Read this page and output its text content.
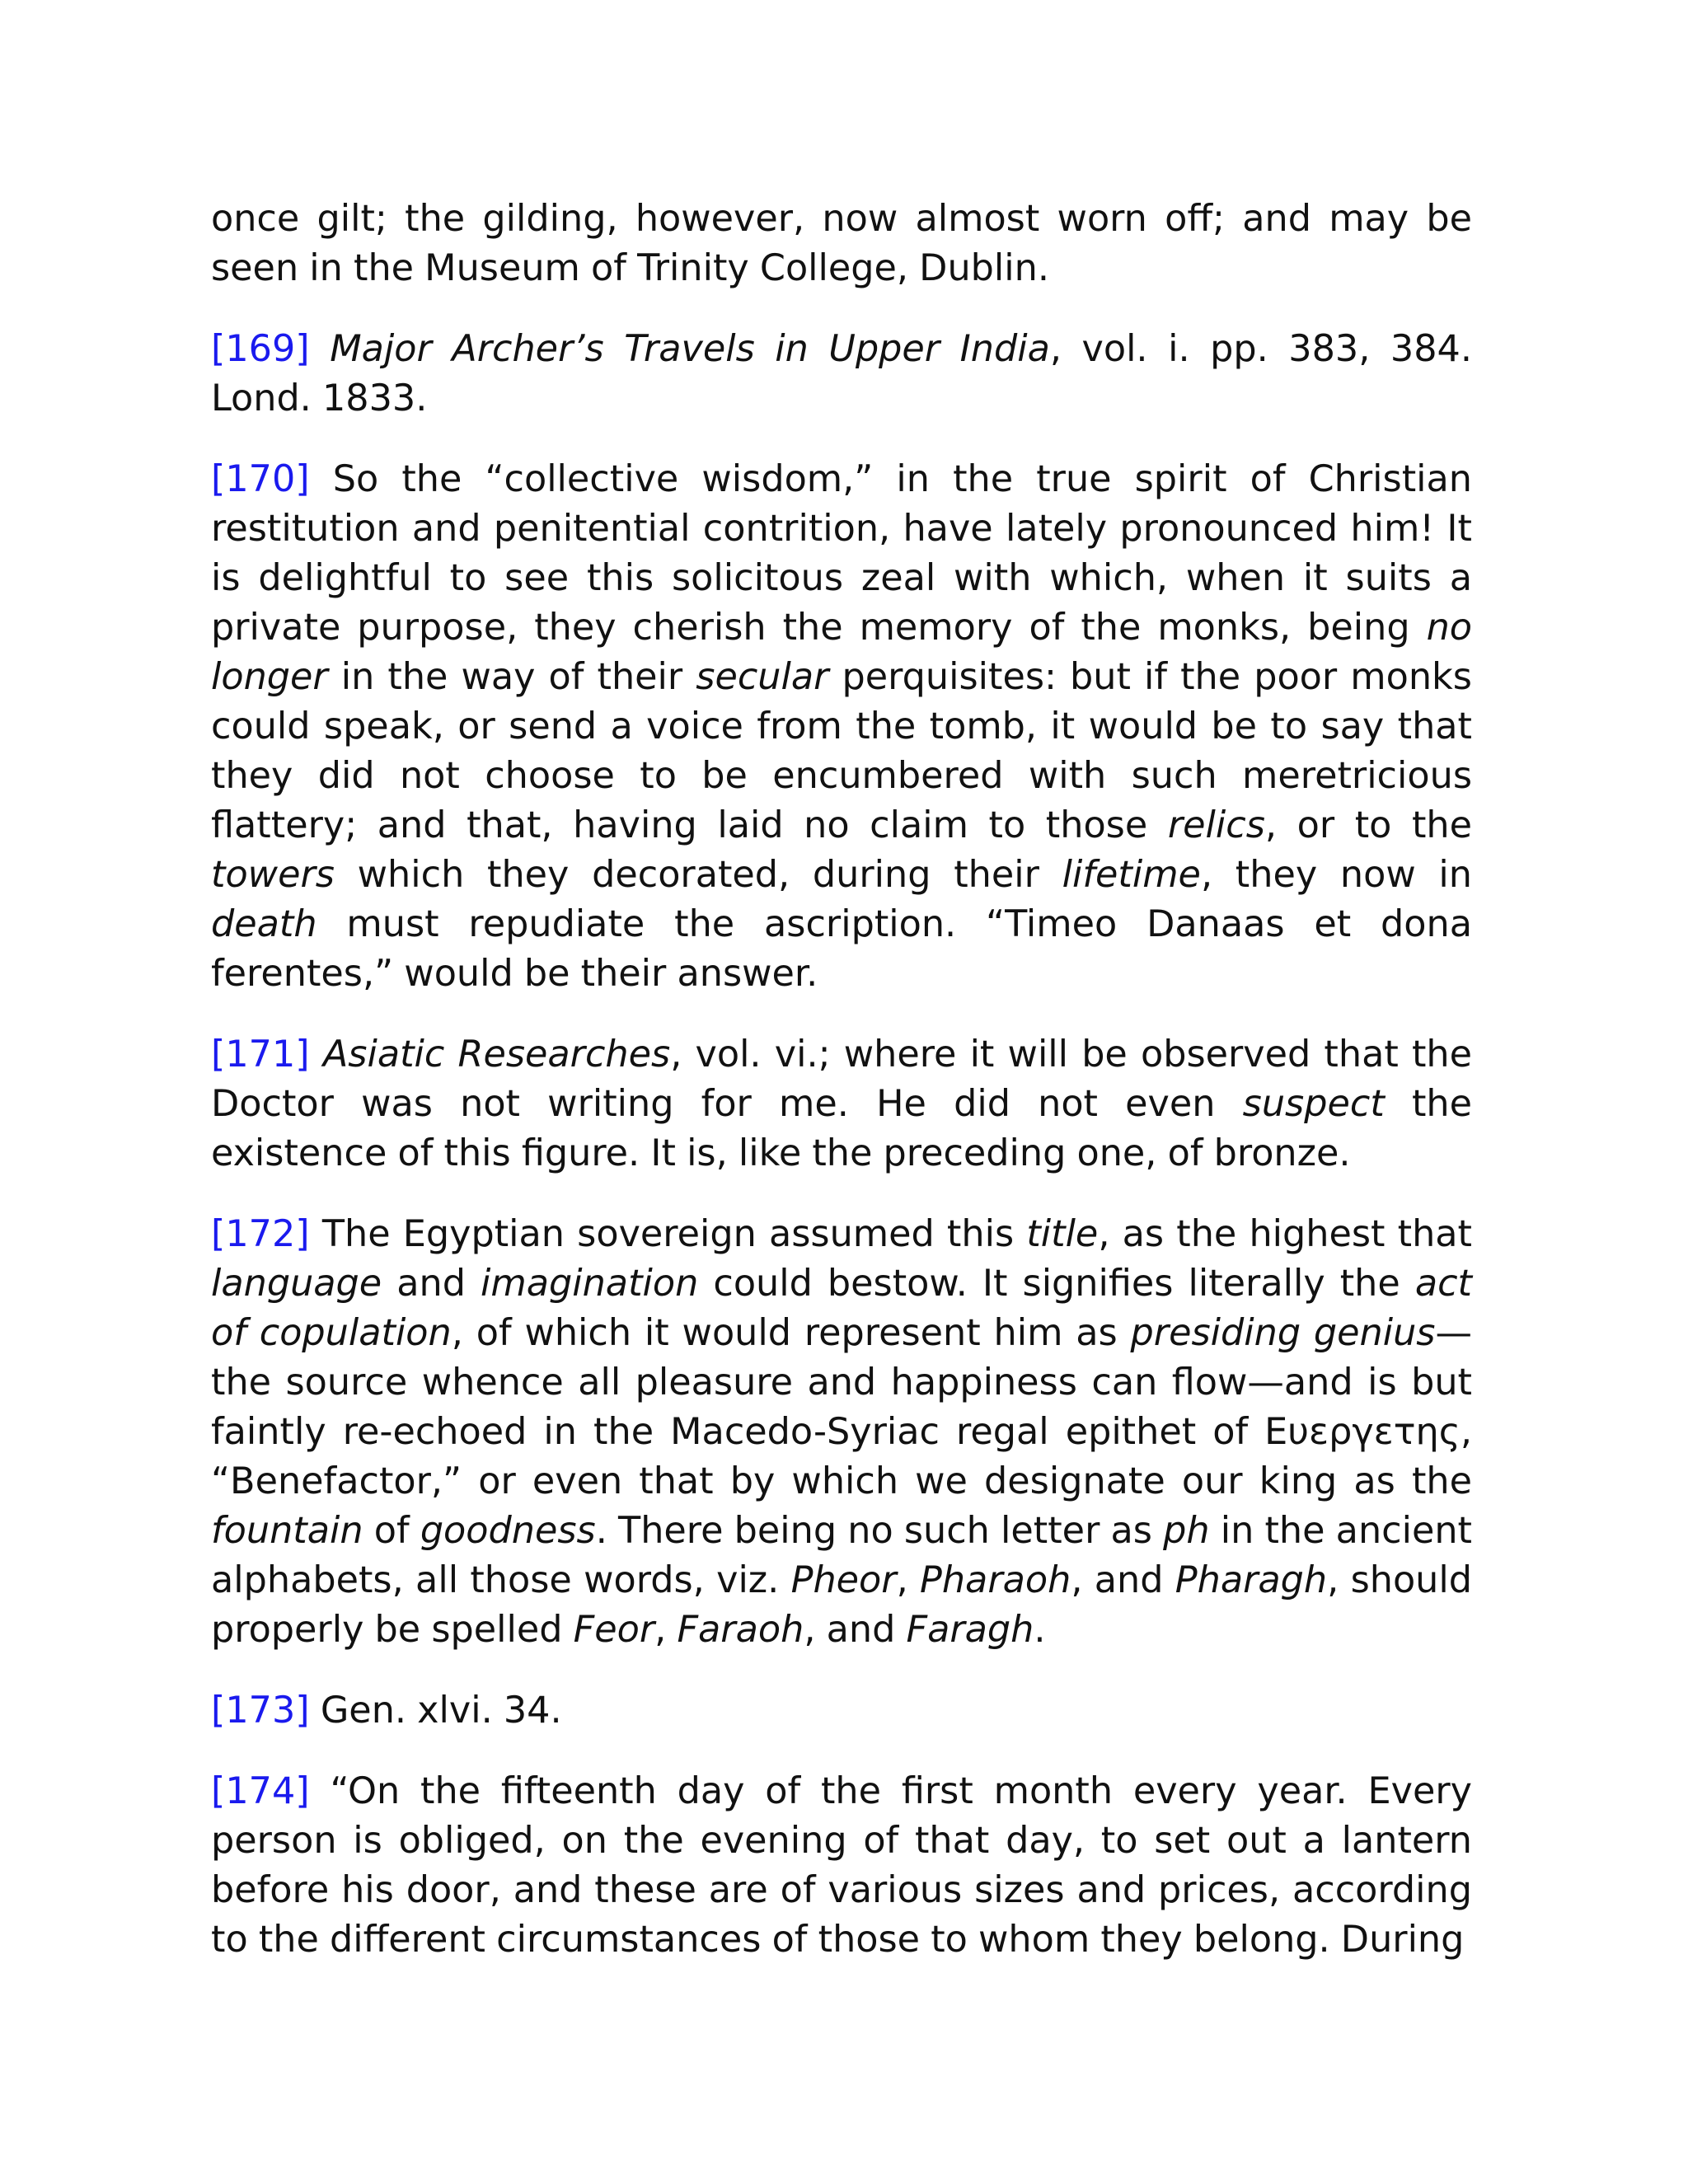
once gilt; the gilding, however, now almost worn off; and may be seen in the Museum of Trinity College, Dublin.

[169] Major Archer’s Travels in Upper India, vol. i. pp. 383, 384. Lond. 1833.

[170] So the “collective wisdom,” in the true spirit of Christian restitution and penitential contrition, have lately pronounced him! It is delightful to see this solicitous zeal with which, when it suits a private purpose, they cherish the memory of the monks, being no longer in the way of their secular perquisites: but if the poor monks could speak, or send a voice from the tomb, it would be to say that they did not choose to be encumbered with such meretricious flattery; and that, having laid no claim to those relics, or to the towers which they decorated, during their lifetime, they now in death must repudiate the ascription. “Timeo Danaas et dona ferentes,” would be their answer.

[171] Asiatic Researches, vol. vi.; where it will be observed that the Doctor was not writing for me. He did not even suspect the existence of this figure. It is, like the preceding one, of bronze.

[172] The Egyptian sovereign assumed this title, as the highest that language and imagination could bestow. It signifies literally the act of copulation, of which it would represent him as presiding genius—the source whence all pleasure and happiness can flow—and is but faintly re-echoed in the Macedo-Syriac regal epithet of Ευεργετης, “Benefactor,” or even that by which we designate our king as the fountain of goodness. There being no such letter as ph in the ancient alphabets, all those words, viz. Pheor, Pharaoh, and Pharagh, should properly be spelled Feor, Faraoh, and Faragh.

[173] Gen. xlvi. 34.

[174] “On the fifteenth day of the first month every year. Every person is obliged, on the evening of that day, to set out a lantern before his door, and these are of various sizes and prices, according to the different circumstances of those to whom they belong. During
